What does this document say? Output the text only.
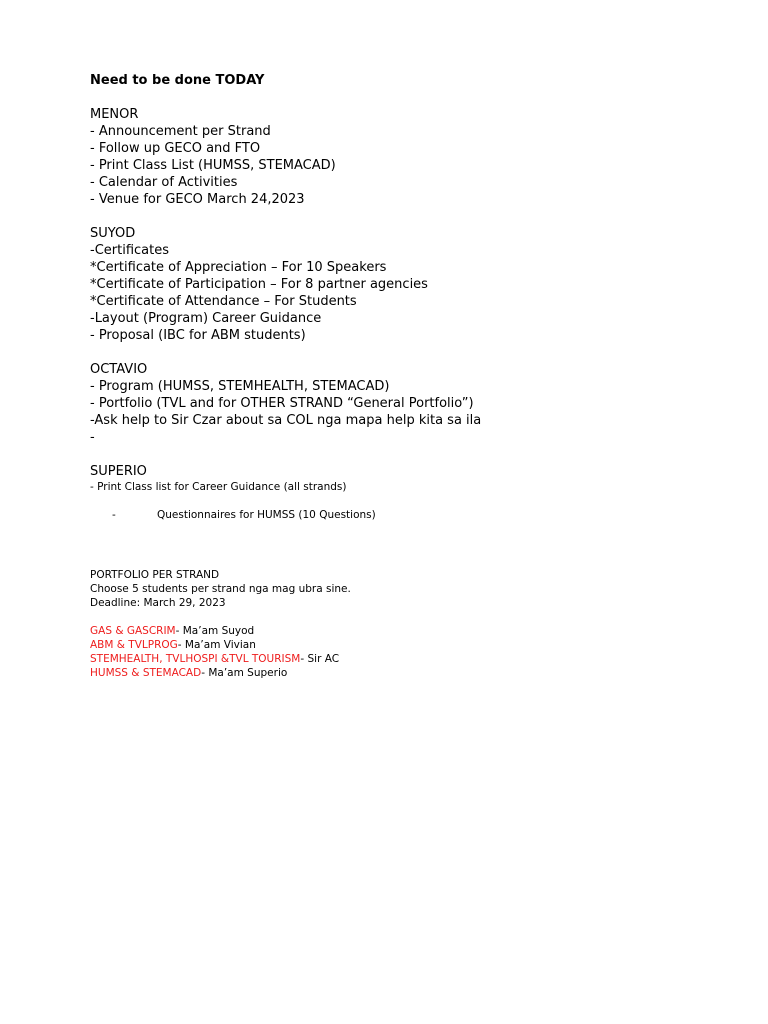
Need to be done TODAY

MENOR

- Announcement per Strand

- Follow up GECO and FTO

- Print Class List (HUMSS, STEMACAD)

- Calendar of Activities

- Venue for GECO March 24,2023

SUYOD

-Certificates

*Certificate of Appreciation – For 10 Speakers

*Certificate of Participation – For 8 partner agencies

*Certificate of Attendance – For Students

-Layout (Program) Career Guidance

- Proposal (IBC for ABM students)

OCTAVIO

- Program (HUMSS, STEMHEALTH, STEMACAD)

- Portfolio (TVL and for OTHER STRAND “General Portfolio”)

-Ask help to Sir Czar about sa COL nga mapa help kita sa ila

-

SUPERIO

- Print Class list for Career Guidance (all strands)

-	Questionnaires for HUMSS (10 Questions)

PORTFOLIO PER STRAND

Choose 5 students per strand nga mag ubra sine.

Deadline: March 29, 2023

GAS & GASCRIM- Ma’am Suyod

ABM & TVLPROG- Ma’am Vivian

STEMHEALTH, TVLHOSPI &TVL TOURISM- Sir AC

HUMSS & STEMACAD- Ma’am Superio
